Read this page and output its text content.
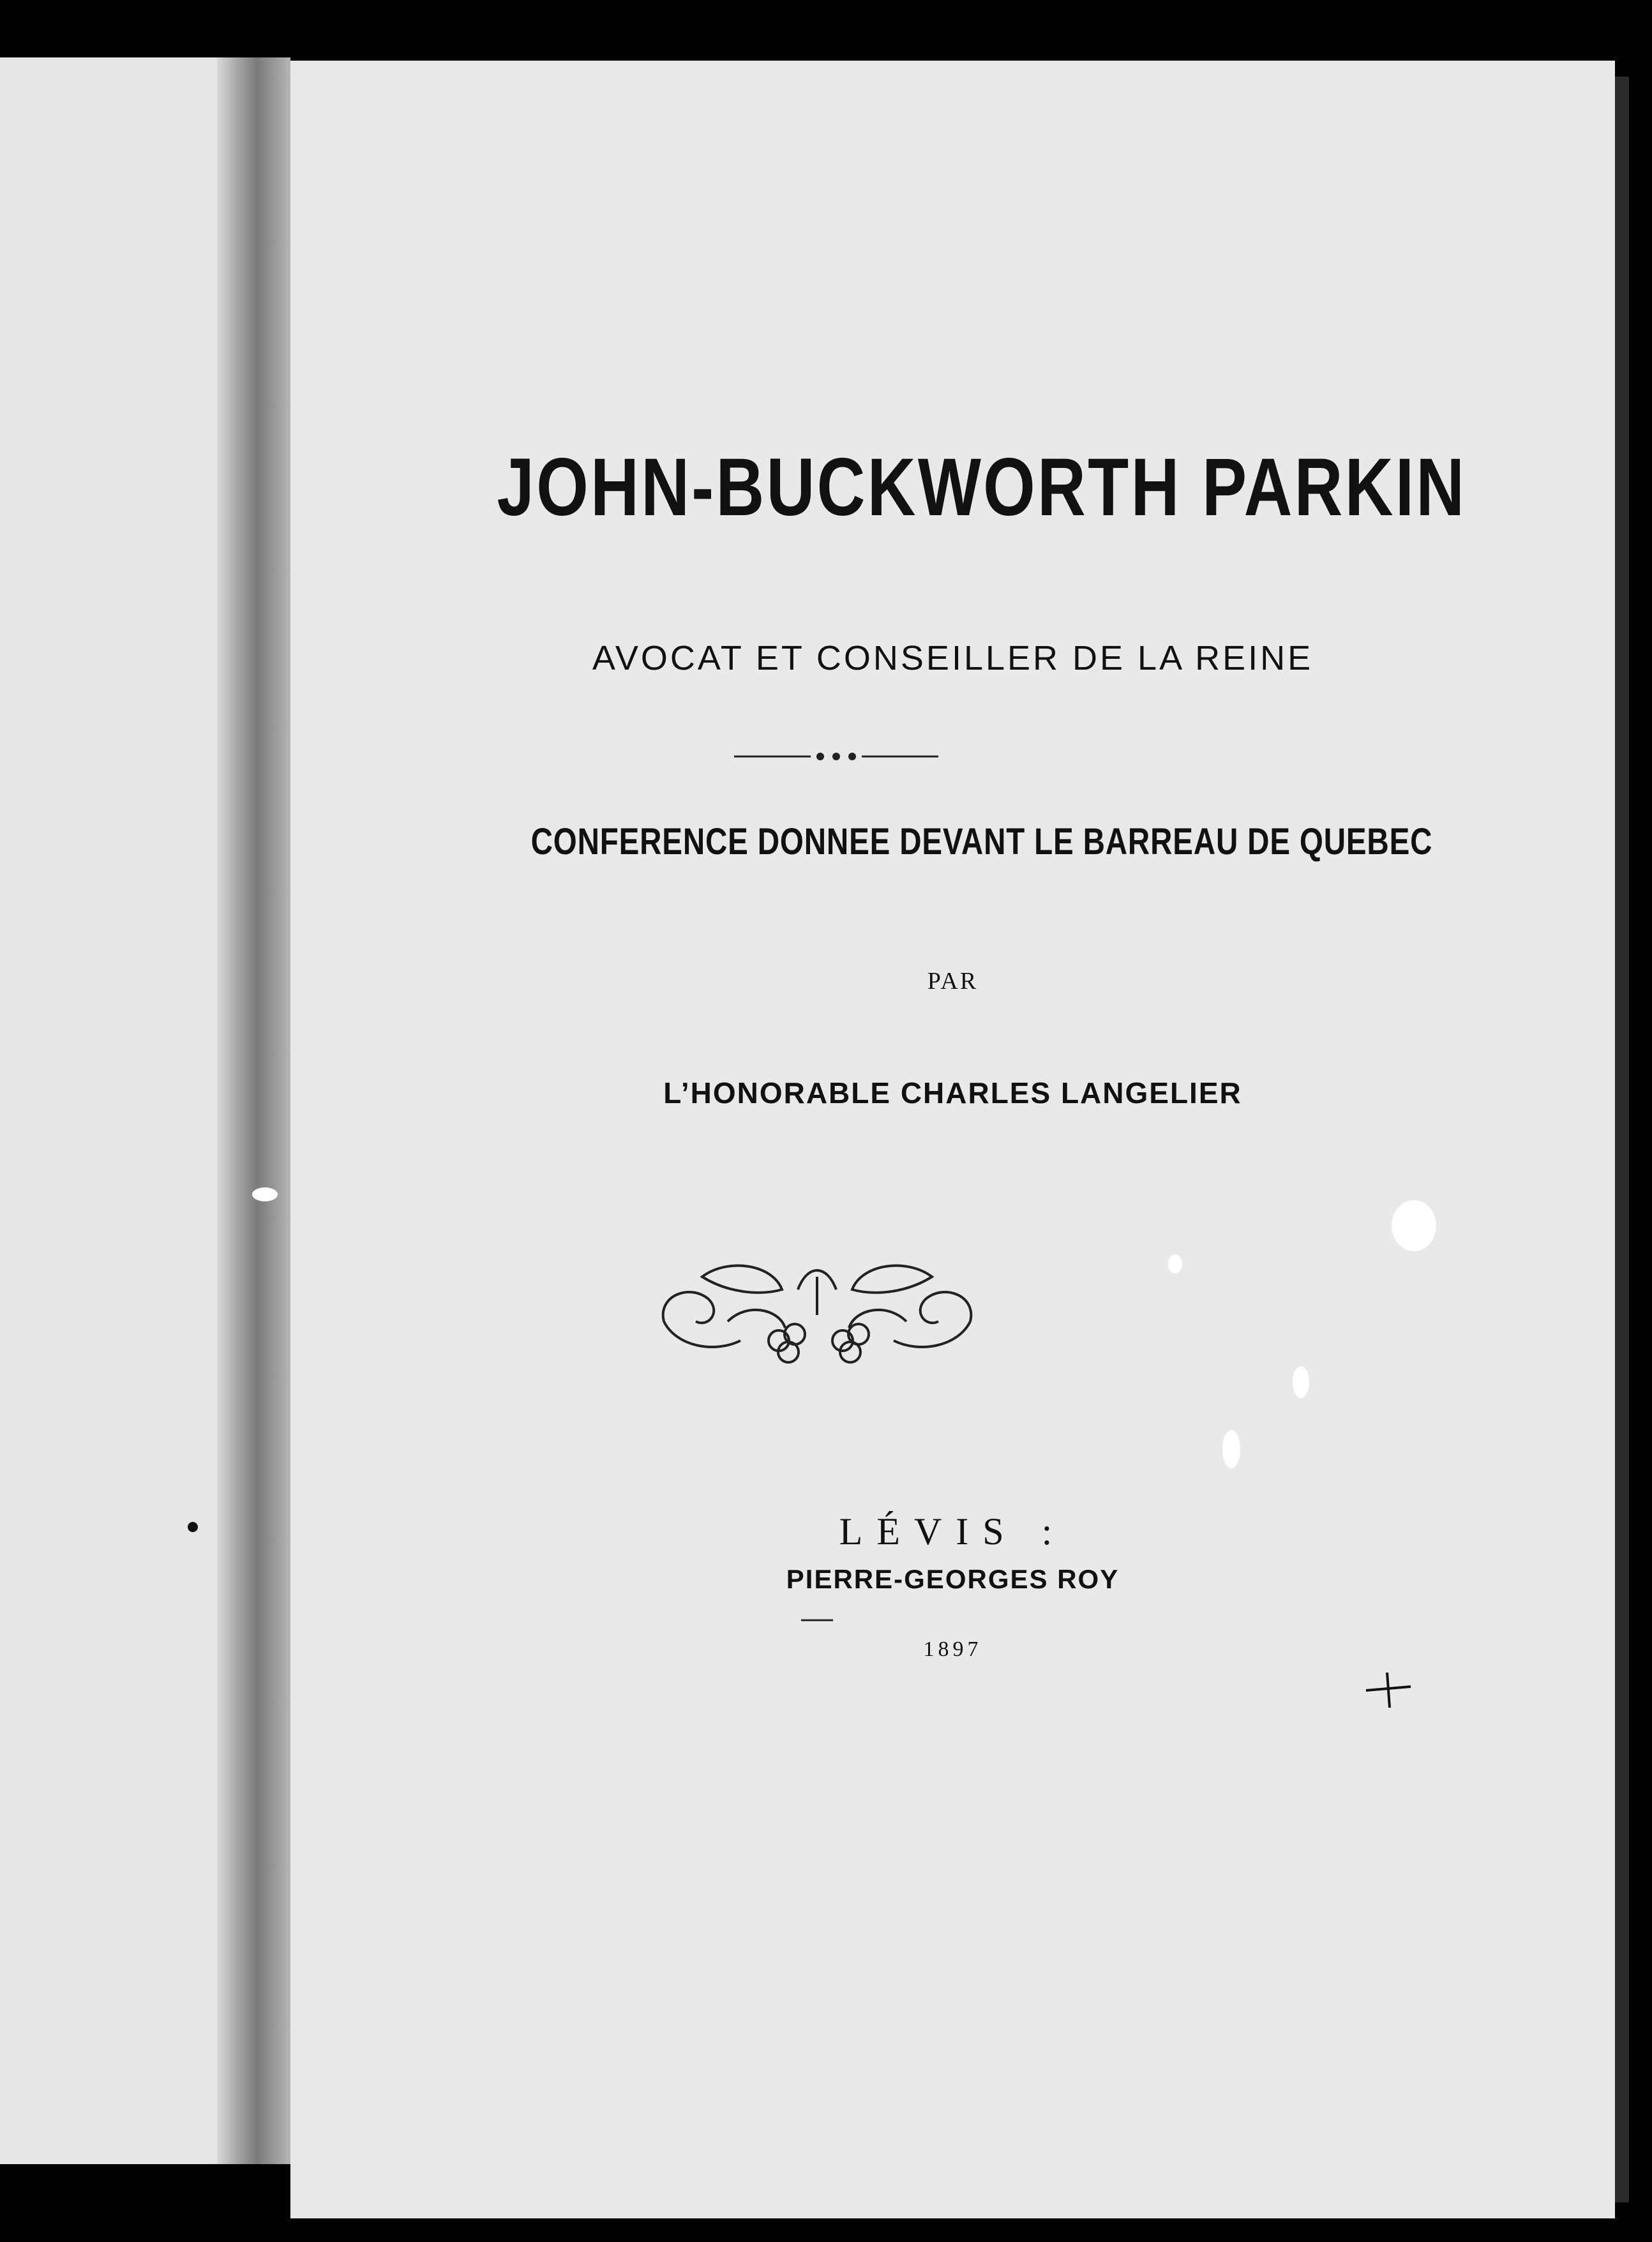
JOHN-BUCKWORTH PARKIN
AVOCAT ET CONSEILLER DE LA REINE
CONFERENCE DONNEE DEVANT LE BARREAU DE QUEBEC
PAR
L’HONORABLE CHARLES LANGELIER
LÉVIS :
PIERRE-GEORGES ROY
1897
